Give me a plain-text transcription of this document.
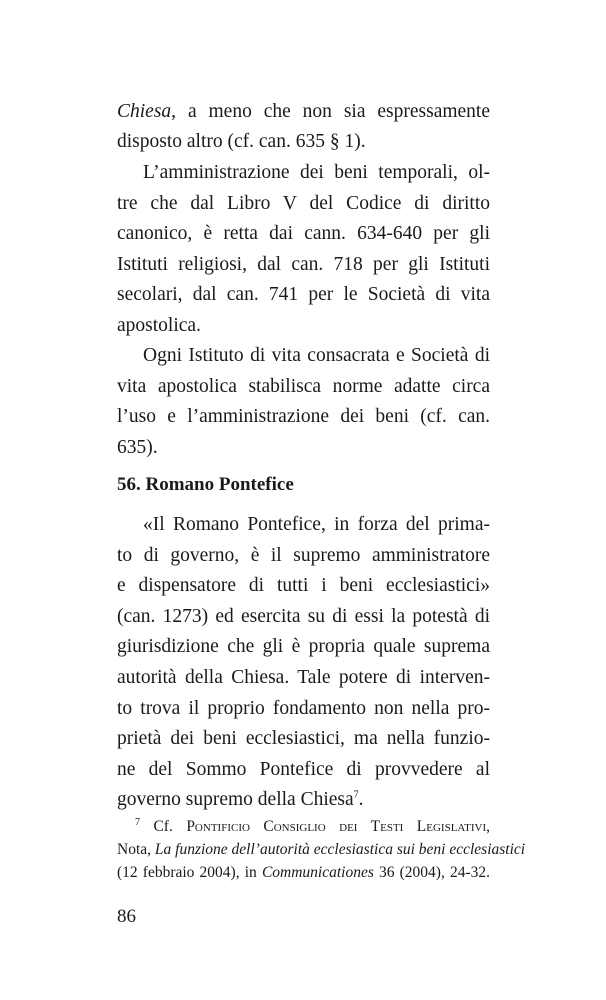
Chiesa, a meno che non sia espressamente
disposto altro (cf. can. 635 § 1).
L’amministrazione dei beni temporali, ol-
tre che dal Libro V del Codice di diritto
canonico, è retta dai cann. 634-640 per gli
Istituti religiosi, dal can. 718 per gli Istituti
secolari, dal can. 741 per le Società di vita
apostolica.
Ogni Istituto di vita consacrata e Società di
vita apostolica stabilisca norme adatte circa
l’uso e l’amministrazione dei beni (cf. can.
635).
56. Romano Pontefice
«Il Romano Pontefice, in forza del prima-
to di governo, è il supremo amministratore
e dispensatore di tutti i beni ecclesiastici»
(can. 1273) ed esercita su di essi la potestà di
giurisdizione che gli è propria quale suprema
autorità della Chiesa. Tale potere di interven-
to trova il proprio fondamento non nella pro-
prietà dei beni ecclesiastici, ma nella funzio-
ne del Sommo Pontefice di provvedere al
governo supremo della Chiesa$^7$.
$^7$ Cf. Pontificio Consiglio dei Testi Legislativi,
Nota, La funzione dell’autorità ecclesiastica sui beni ecclesiastici
(12 febbraio 2004), in Communicationes 36 (2004), 24-32.
86
